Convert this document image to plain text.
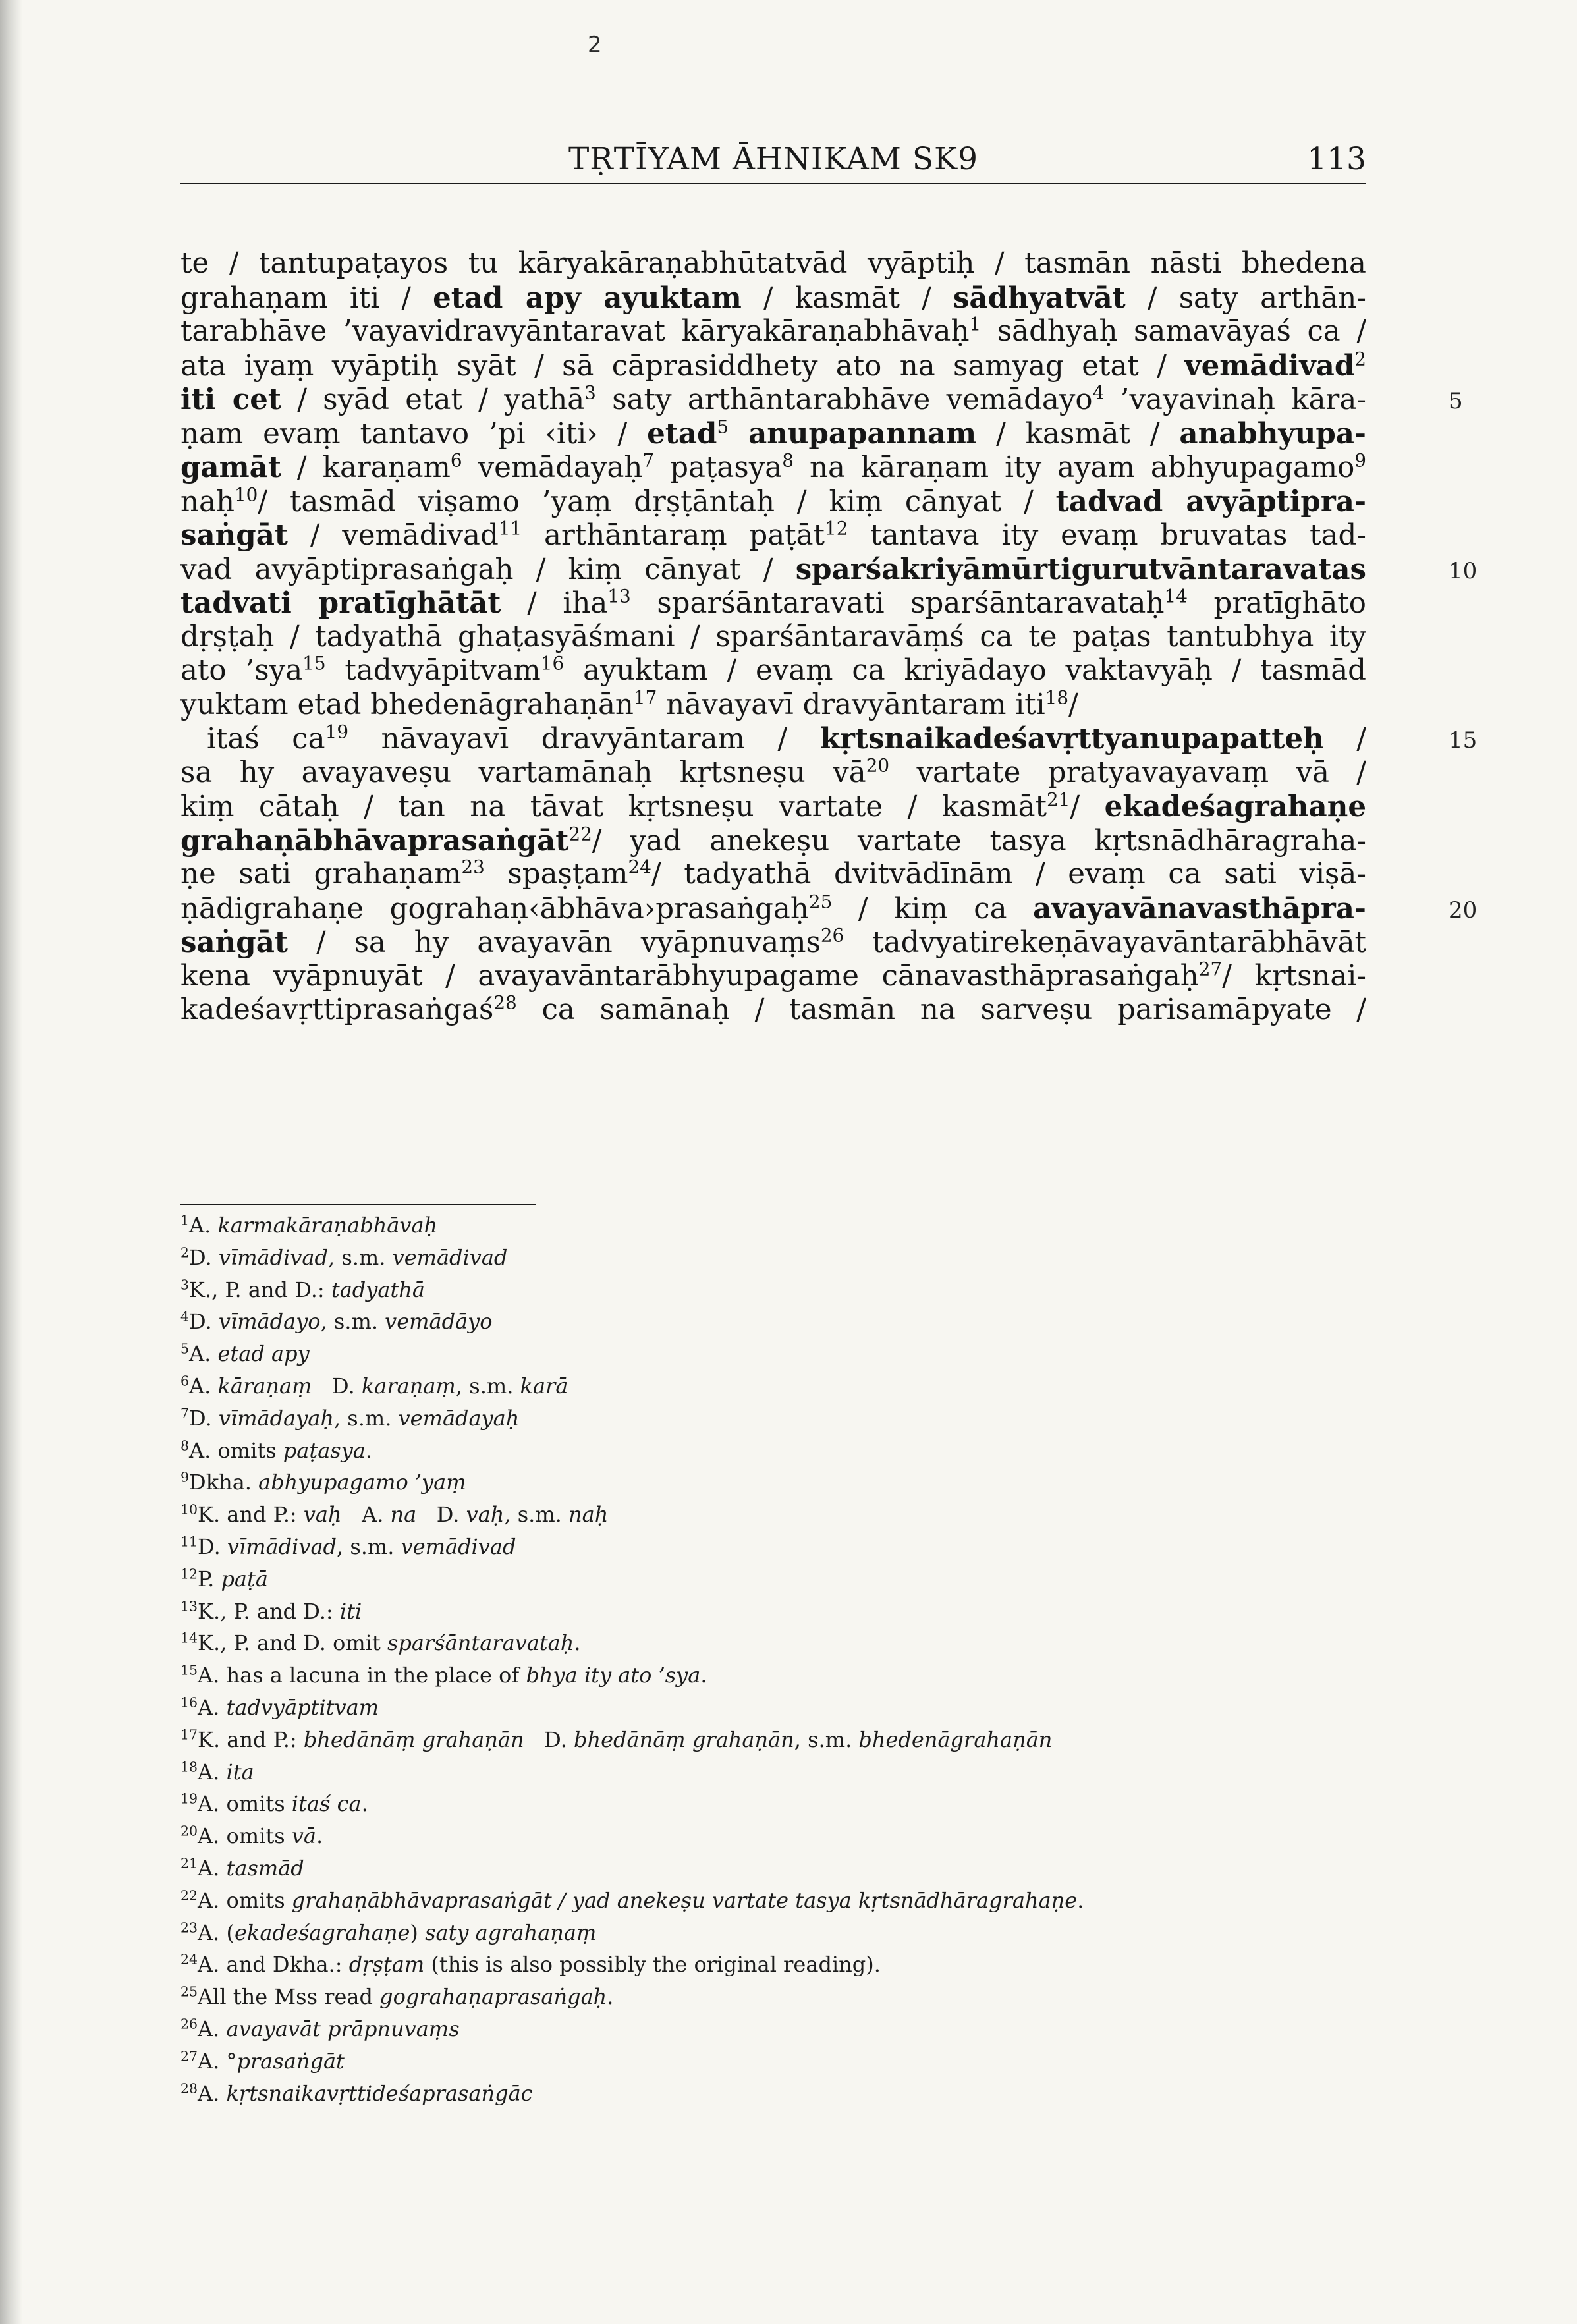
2
TṚTĪYAM ĀHNIKAM SK9	113
te / tantupaṭayos tu kāryakāraṇabhūtatvād vyāptiḥ / tasmān nāsti bhedena
grahaṇam iti / etad apy ayuktam / kasmāt / sādhyatvāt / saty arthān-
tarabhāve ’vayavidravyāntaravat kāryakāraṇabhāvaḥ$^1$ sādhyaḥ samavāyaś ca /
ata iyaṃ vyāptiḥ syāt / sā cāprasiddhety ato na samyag etat / vemādivad$^2$
iti cet / syād etat / yathā$^3$ saty arthāntarabhāve vemādayo$^4$ ’vayavinaḥ kāra-
ṇam evaṃ tantavo ’pi ‹iti› / etad$^5$ anupapannam / kasmāt / anabhyupa-
gamāt / karaṇam$^6$ vemādayaḥ$^7$ paṭasya$^8$ na kāraṇam ity ayam abhyupagamo$^9$
naḥ$^{10}$/ tasmād viṣamo ’yaṃ dṛṣṭāntaḥ / kiṃ cānyat / tadvad avyāptipra-
saṅgāt / vemādivad$^{11}$ arthāntaraṃ paṭāt$^{12}$ tantava ity evaṃ bruvatas tad-
vad avyāptiprasaṅgaḥ / kiṃ cānyat / sparśakriyāmūrtigurutvāntaravatas
tadvati pratīghātāt / iha$^{13}$ sparśāntaravati sparśāntaravataḥ$^{14}$ pratīghāto
dṛṣṭaḥ / tadyathā ghaṭasyāśmani / sparśāntaravāṃś ca te paṭas tantubhya ity
ato ’sya$^{15}$ tadvyāpitvam$^{16}$ ayuktam / evaṃ ca kriyādayo vaktavyāḥ / tasmād
yuktam etad bhedenāgrahaṇān$^{17}$ nāvayavī dravyāntaram iti$^{18}$/
itaś $ca^{19}$ nāvayavī dravyāntaram / kṛtsnaikadeśavṛttyanupapatteḥ /
sa hy avayaveṣu vartamānaḥ kṛtsneṣu $vā^{20}$ vartate pratyavayavaṃ vā /
kiṃ cātaḥ / tan na tāvat kṛtsneṣu vartate / kasmāt$^{21}$/ ekadeśagrahaṇe
grahaṇābhāvaprasaṅgāt$^{22}$/ yad anekeṣu vartate tasya kṛtsnādhāragraha-
ṇe sati grahaṇam$^{23}$ spaṣṭam$^{24}$/ tadyathā dvitvādīnām / evaṃ ca sati viṣā-
ṇādigrahaṇe gograhaṇ‹ābhāva›prasaṅgaḥ$^{25}$ / kiṃ ca avayavānavasthāpra-
saṅgāt / sa hy avayavān vyāpnuvaṃs$^{26}$ tadvyatirekeṇāvayavāntarābhāvāt
kena vyāpnuyāt / avayavāntarābhyupagame cānavasthāprasaṅgaḥ$^{27}$/ kṛtsnai-
kadeśavṛttiprasaṅgaś$^{28}$ ca samānaḥ / tasmān na sarveṣu parisamāpyate /
5
10
15
20
$^1$A. karmakāraṇabhāvaḥ
$^2$D. vīmādivad, s.m. vemādivad
$^3$K., P. and D.: tadyathā
$^4$D. vīmādayo, s.m. vemādāyo
$^5$A. etad apy
$^6$A. kāraṇaṃ   D. karaṇaṃ, s.m. karā
$^7$D. vīmādayaḥ, s.m. vemādayaḥ
$^8$A. omits paṭasya.
$^9$Dkha. abhyupagamo ’yaṃ
$^{10}$K. and P.: vaḥ   A. na   D. vaḥ, s.m. naḥ
$^{11}$D. vīmādivad, s.m. vemādivad
$^{12}$P. paṭā
$^{13}$K., P. and D.: iti
$^{14}$K., P. and D. omit sparśāntaravataḥ.
$^{15}$A. has a lacuna in the place of bhya ity ato ’sya.
$^{16}$A. tadvyāptitvam
$^{17}$K. and P.: bhedānāṃ grahaṇān   D. bhedānāṃ grahaṇān, s.m. bhedenāgrahaṇān
$^{18}$A. ita
$^{19}$A. omits itaś ca.
$^{20}$A. omits vā.
$^{21}$A. tasmād
$^{22}$A. omits grahaṇābhāvaprasaṅgāt / yad anekeṣu vartate tasya kṛtsnādhāragrahaṇe.
$^{23}$A. (ekadeśagrahaṇe) saty agrahaṇaṃ
$^{24}$A. and Dkha.: dṛṣṭam (this is also possibly the original reading).
$^{25}$All the Mss read gograhaṇaprasaṅgaḥ.
$^{26}$A. avayavāt prāpnuvaṃs
$^{27}$A. °prasaṅgāt
$^{28}$A. kṛtsnaikavṛttideśaprasaṅgāc
